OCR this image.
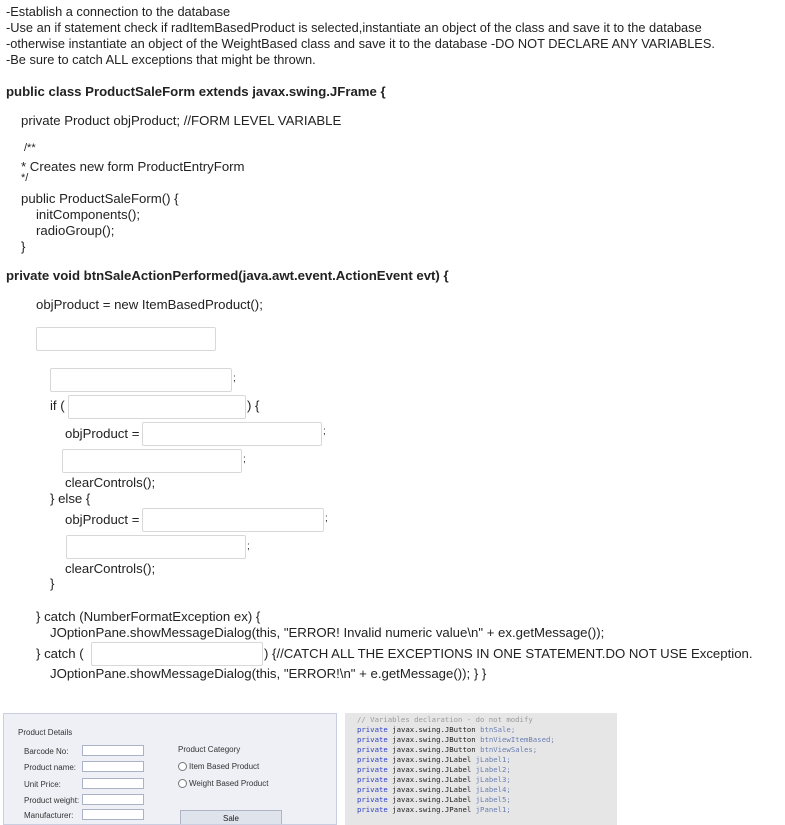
-Establish a connection to the database
-Use an if statement check if radItemBasedProduct is selected,instantiate an object of the class and save it to the database
-otherwise instantiate an object of the WeightBased class and save it to the database -DO NOT DECLARE ANY VARIABLES.
-Be sure to catch ALL exceptions that might be thrown.
public class ProductSaleForm extends javax.swing.JFrame {
private Product objProduct; //FORM LEVEL VARIABLE
/**
* Creates new form ProductEntryForm
*/
public ProductSaleForm() {
initComponents();
radioGroup();
}
private void btnSaleActionPerformed(java.awt.event.ActionEvent evt) {
objProduct = new ItemBasedProduct();
;
if (	) {
objProduct =	;
;
clearControls();
} else {
objProduct =	;
;
clearControls();
}
} catch (NumberFormatException ex) {
JOptionPane.showMessageDialog(this, "ERROR! Invalid numeric value\n" + ex.getMessage());
} catch (	) {//CATCH ALL THE EXCEPTIONS IN ONE STATEMENT.DO NOT USE Exception.
JOptionPane.showMessageDialog(this, "ERROR!\n" + e.getMessage()); } }
Product Details
Barcode No:
Product name:
Unit Price:
Product weight:
Manufacturer:
Product Category
Item Based Product
Weight Based Product
Sale
// Variables declaration - do not modify
private javax.swing.JButton btnSale;
private javax.swing.JButton btnViewItemBased;
private javax.swing.JButton btnViewSales;
private javax.swing.JLabel jLabel1;
private javax.swing.JLabel jLabel2;
private javax.swing.JLabel jLabel3;
private javax.swing.JLabel jLabel4;
private javax.swing.JLabel jLabel5;
private javax.swing.JPanel jPanel1;
